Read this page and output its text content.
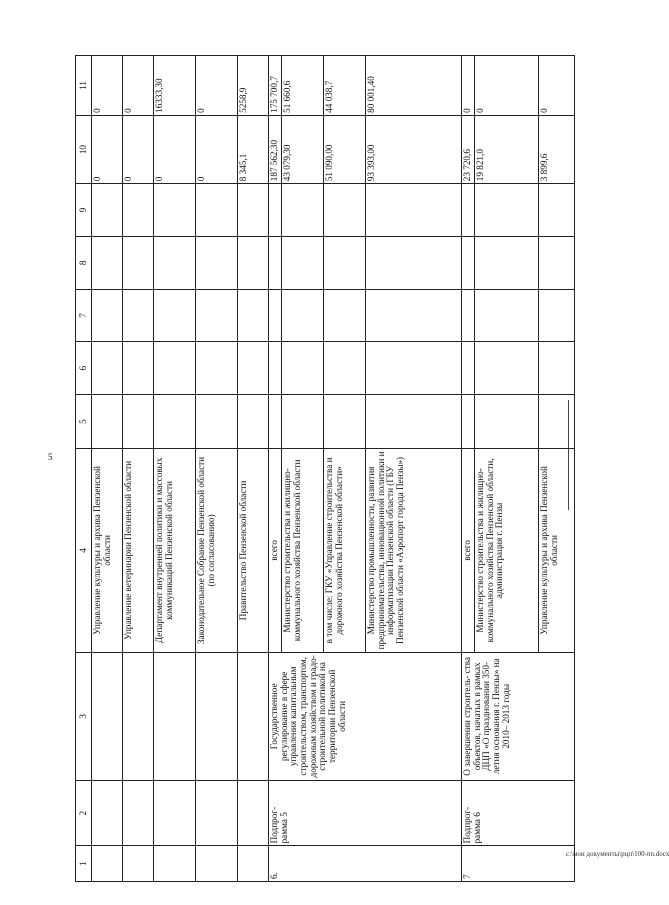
5
c:\мои документы\рцп\100-nn.docx
1	2	3	4	5	6	7	8	9	10	11
			Управление культуры и архива Пензенской области						0	0
			Управление ветеринарии Пензенской области						0	0
			Департамент внутренней политики и массовых коммуникаций Пензенской области						0	16333,30
			Законодательное Собрание Пензенской области (по согласованию)						0	0
			Правительство Пензенской области						8 345,1	5258,9
6.	Подпрог- рамма 5	Государственное регулирование в сфере управления капитальным строительством, транспортом, дорожным хозяйством и градо- строительной политикой на территории Пензенской области	всего						187 562,30	175 700,7
			Министерство строительства и жилищно-коммунального хозяйства Пензенской области						43 079,30	51 660,6
			в том числе: ГКУ «Управление строительства и дорожного хозяйства Пензенской области»						51 090,00	44 038,7
			Министерство промышленности, развития предпринимательства, инновационной политики и информатизации Пензенской области (ГБУ Пензенской области «Аэропорт города Пензы»)						93 393,00	80 001,40
7	Подпрог- рамма 6	О завершении строитель- ства объектов, начатых в рамках ДЦП «О праздновании 350- летия основания г. Пензы» на 2010– 2013 годы	всего						23 720,6	0
			Министерство строительства и жилищно-коммунального хозяйства Пензенской области, администрация г. Пензы						19 821,0	0
			Управление культуры и архива Пензенской области						3 899,6	0
